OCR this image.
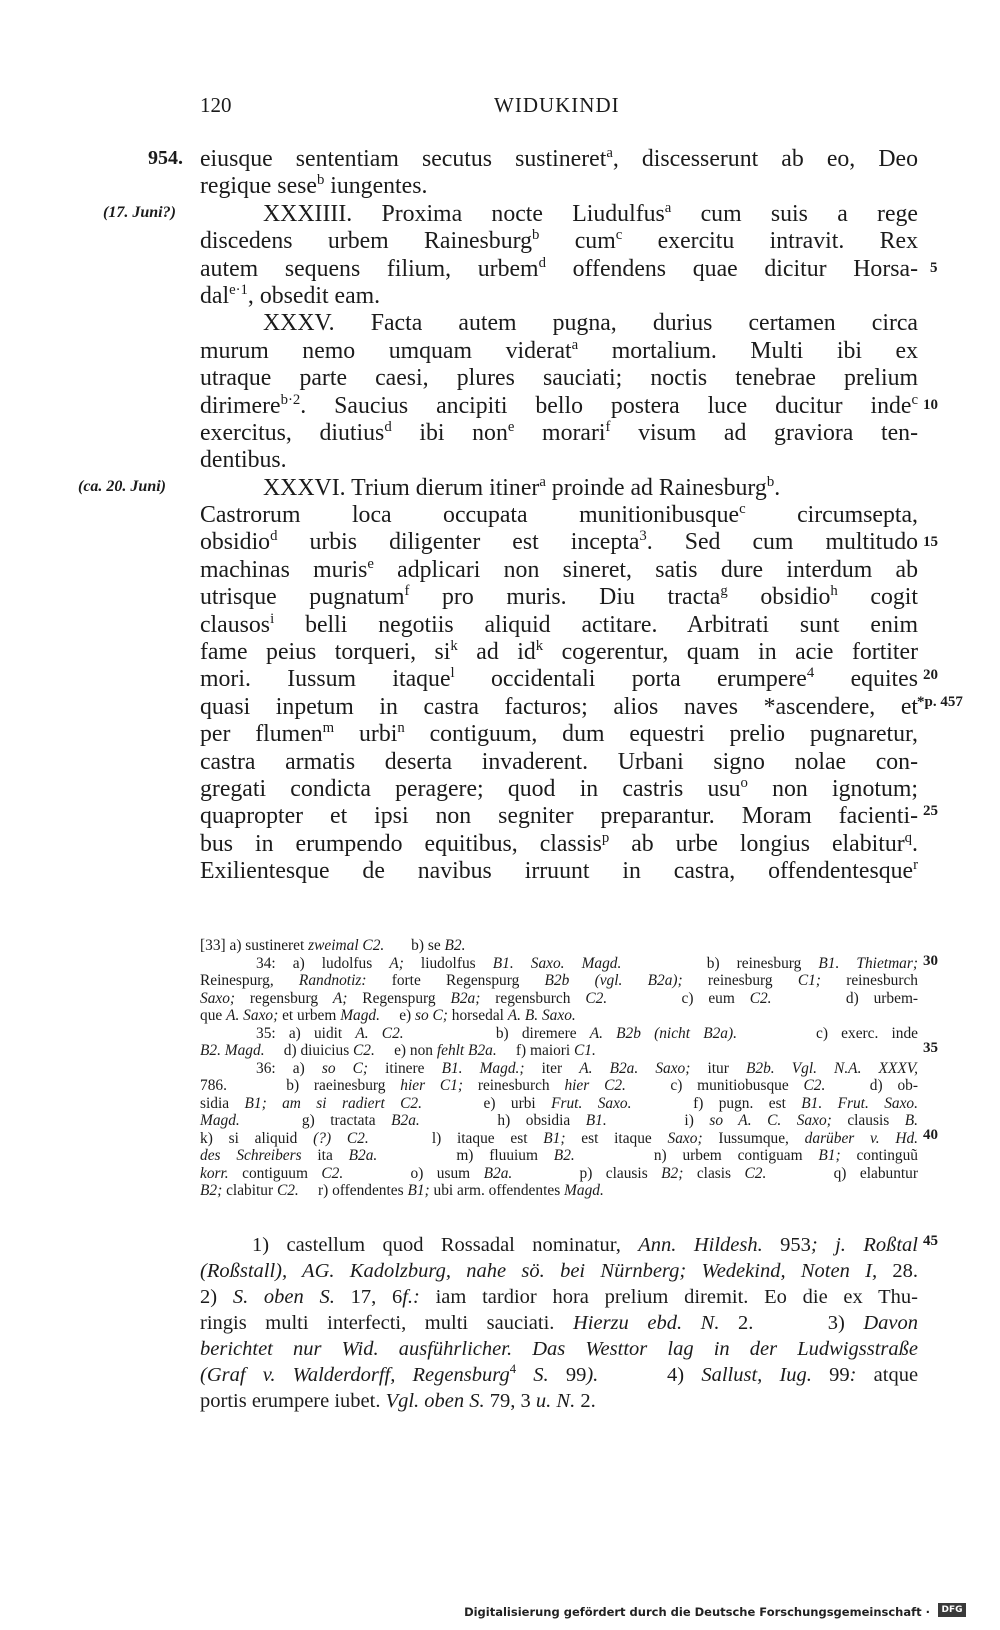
120	WIDUKINDI
954.
(17. Juni?)
(ca. 20. Juni)
5
10
15
20
*p. 457
25
30
35
40
45
eiusque sententiam secutus sustineret$^a$, discesserunt ab eo, Deo
regique sese$^b$ iungentes.
XXXIIII. Proxima nocte Liudulfus$^a$ cum suis a rege
discedens urbem Rainesburg$^b$ cum$^c$ exercitu intravit. Rex
autem sequens filium, urbem$^d$ offendens quae dicitur Horsa-
dal$^{e\cdot 1}$, obsedit eam.
XXXV. Facta autem pugna, durius certamen circa
murum nemo umquam viderat$^a$ mortalium. Multi ibi ex
utraque parte caesi, plures sauciati; noctis tenebrae prelium
dirimere$^{b\cdot 2}$. Saucius ancipiti bello postera luce ducitur inde$^c$
exercitus, diutius$^d$ ibi non$^e$ morari$^f$ visum ad graviora ten-
dentibus.
XXXVI. Trium dierum itiner$^a$ proinde ad Rainesburg$^b$.
Castrorum loca occupata munitionibusque$^c$ circumsepta,
obsidio$^d$ urbis diligenter est incepta$^3$. Sed cum multitudo
machinas muris$^e$ adplicari non sineret, satis dure interdum ab
utrisque pugnatum$^f$ pro muris. Diu tracta$^g$ obsidio$^h$ cogit
clausos$^i$ belli negotiis aliquid actitare. Arbitrati sunt enim
fame peius torqueri, $si^k$ ad $id^k$ cogerentur, quam in acie fortiter
mori. Iussum itaque$^l$ occidentali porta erumpere$^4$ equites
quasi inpetum in castra facturos; alios naves *ascendere, et
per flumen$^m$ urbi$^n$ contiguum, dum equestri prelio pugnaretur,
castra armatis deserta invaderent. Urbani signo nolae con-
gregati condicta peragere; quod in castris usu$^o$ non ignotum;
quapropter et ipsi non segniter preparantur. Moram facienti-
bus in erumpendo equitibus, classis$^p$ ab urbe longius elabitur$^q$.
Exilientesque de navibus irruunt in castra, offendentesque$^r$
[33] a) sustineret zweimal C2.       b) se B2.
34: a) ludolfus A; liudolfus B1. Saxo. Magd.     b) reinesburg B1. Thietmar;
Reinespurg, Randnotiz: forte Regenspurg B2b (vgl. B2a); reinesburg C1; reinesburch
Saxo; regensburg A; Regenspurg B2a; regensburch C2.     c) eum C2.     d) urbem-
que A. Saxo; et urbem Magd.     e) so C; horsedal A. B. Saxo.
35: a) uidit A. C2.       b) diremere A. B2b (nicht B2a).      c) exerc. inde
B2. Magd.     d) diuicius C2.     e) non fehlt B2a.     f) maiori C1.
36: a) so C; itinere B1. Magd.; iter A. B2a. Saxo; itur B2b. Vgl. N.A. XXXV,
786.    b) raeinesburg hier C1; reinesburch hier C2.   c) munitiobusque C2.   d) ob-
sidia B1; am si radiert C2.    e) urbi Frut. Saxo.    f) pugn. est B1. Frut. Saxo.
Magd.    g) tractata B2a.     h) obsidia B1.     i) so A. C. Saxo; clausis B.
k) si aliquid (?) C2.    l) itaque est B1; est itaque Saxo; Iussumque, darüber v. Hd.
des Schreibers ita B2a.     m) fluuium B2.     n) urbem contiguam B1; continguũ
korr. contiguum C2.     o) usum B2a.     p) clausis B2; clasis C2.     q) elabuntur
B2; clabitur C2.     r) offendentes B1; ubi arm. offendentes Magd.
1) castellum quod Rossadal nominatur, Ann. Hildesh. 953; j. Roßtal
(Roßstall), AG. Kadolzburg, nahe sö. bei Nürnberg; Wedekind, Noten I, 28.
2) S. oben S. 17, 6f.: iam tardior hora prelium diremit. Eo die ex Thu-
ringis multi interfecti, multi sauciati. Hierzu ebd. N. 2.    3) Davon
berichtet nur Wid. ausführlicher. Das Westtor lag in der Ludwigsstraße
(Graf v. Walderdorff, Regensburg$^4$ S. 99).    4) Sallust, Iug. 99: atque
portis erumpere iubet. Vgl. oben S. 79, 3 u. N. 2.
Digitalisierung gefördert durch die Deutsche Forschungsgemeinschaft ·	DFG
